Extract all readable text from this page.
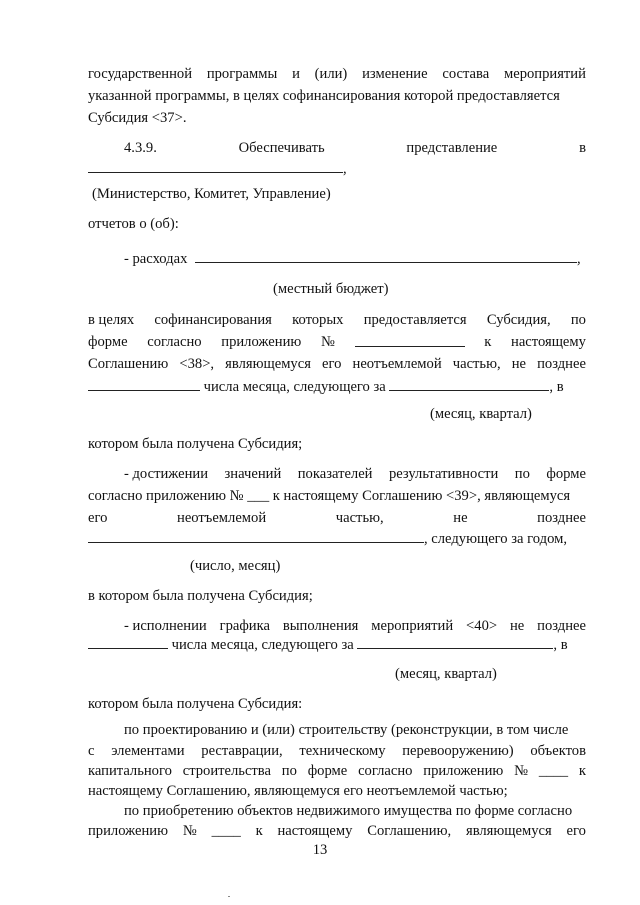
государственной программы и (или) изменение состава мероприятий
указанной программы, в целях софинансирования которой предоставляется
Субсидия <37>.
4.3.9.	Обеспечивать	представление	в
,
(Министерство, Комитет, Управление)
отчетов о (об):
- расходах	,
(местный бюджет)
в целях софинансирования которых предоставляется Субсидия, по
форме согласно приложению №	к настоящему
Соглашению <38>, являющемуся его неотъемлемой частью, не позднее
числа месяца, следующего за	, в
(месяц, квартал)
котором была получена Субсидия;
- достижении значений показателей результативности по форме
согласно приложению № ___ к настоящему Соглашению <39>, являющемуся
его	неотъемлемой	частью,	не	позднее
, следующего за годом,
(число, месяц)
в котором была получена Субсидия;
- исполнении графика выполнения мероприятий <40> не позднее
числа месяца, следующего за	, в
(месяц, квартал)
котором была получена Субсидия:
по проектированию и (или) строительству (реконструкции, в том числе
с элементами реставрации, техническому перевооружению) объектов
капитального строительства по форме согласно приложению № ____ к
настоящему Соглашению, являющемуся его неотъемлемой частью;
по приобретению объектов недвижимого имущества по форме согласно
приложению № ____ к настоящему Соглашению, являющемуся его
13
